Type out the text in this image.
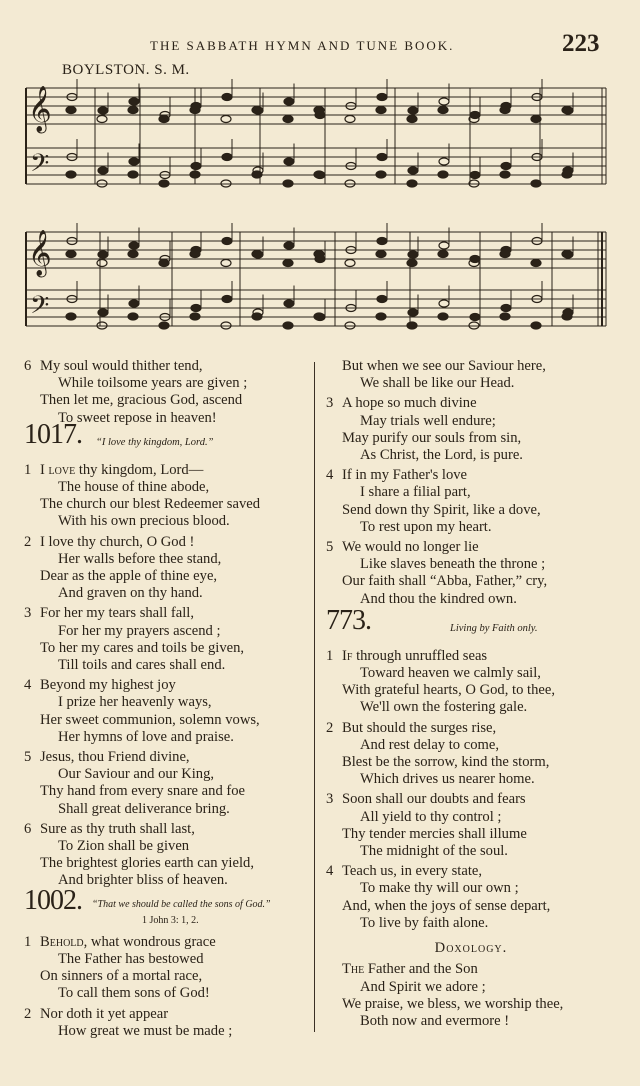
THE SABBATH HYMN AND TUNE BOOK.	223
BOYLSTON. S. M.
𝄞
𝄢
𝄞
𝄢
6 My soul would thither tend,
While toilsome years are given ;
Then let me, gracious God, ascend
To sweet repose in heaven!
1017. “I love thy kingdom, Lord.”
1 I love thy kingdom, Lord—
The house of thine abode,
The church our blest Redeemer saved
With his own precious blood.
2 I love thy church, O God !
Her walls before thee stand,
Dear as the apple of thine eye,
And graven on thy hand.
3 For her my tears shall fall,
For her my prayers ascend ;
To her my cares and toils be given,
Till toils and cares shall end.
4 Beyond my highest joy
I prize her heavenly ways,
Her sweet communion, solemn vows,
Her hymns of love and praise.
5 Jesus, thou Friend divine,
Our Saviour and our King,
Thy hand from every snare and foe
Shall great deliverance bring.
6 Sure as thy truth shall last,
To Zion shall be given
The brightest glories earth can yield,
And brighter bliss of heaven.
1002. “That we should be called the sons of God.”
1 John 3: 1, 2.
1 Behold, what wondrous grace
The Father has bestowed
On sinners of a mortal race,
To call them sons of God!
2 Nor doth it yet appear
How great we must be made ;
But when we see our Saviour here,
We shall be like our Head.
3 A hope so much divine
May trials well endure;
May purify our souls from sin,
As Christ, the Lord, is pure.
4 If in my Father's love
I share a filial part,
Send down thy Spirit, like a dove,
To rest upon my heart.
5 We would no longer lie
Like slaves beneath the throne ;
Our faith shall “Abba, Father,” cry,
And thou the kindred own.
773.	Living by Faith only.
1 If through unruffled seas
Toward heaven we calmly sail,
With grateful hearts, O God, to thee,
We'll own the fostering gale.
2 But should the surges rise,
And rest delay to come,
Blest be the sorrow, kind the storm,
Which drives us nearer home.
3 Soon shall our doubts and fears
All yield to thy control ;
Thy tender mercies shall illume
The midnight of the soul.
4 Teach us, in every state,
To make thy will our own ;
And, when the joys of sense depart,
To live by faith alone.
Doxology.
The Father and the Son
And Spirit we adore ;
We praise, we bless, we worship thee,
Both now and evermore !
